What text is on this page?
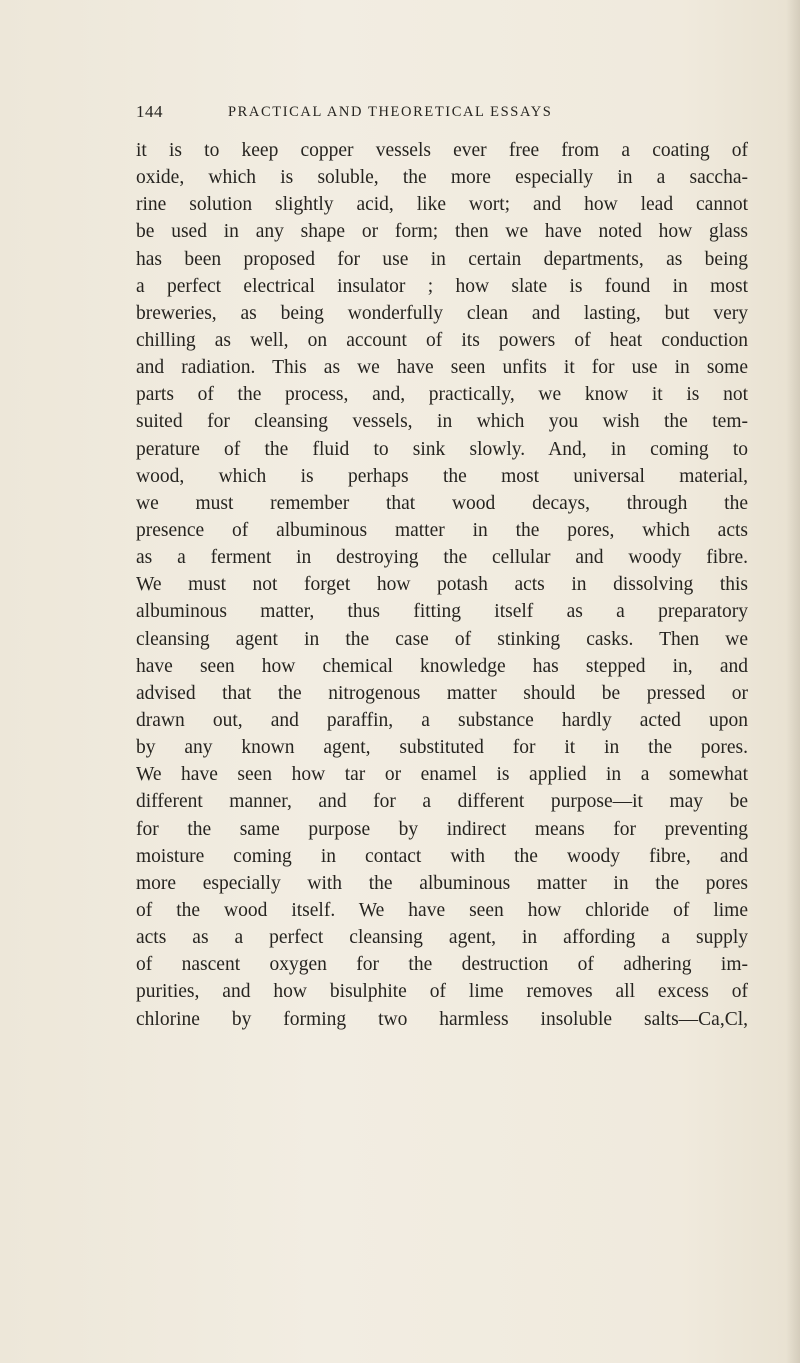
144	PRACTICAL AND THEORETICAL ESSAYS
it is to keep copper vessels ever free from a coating of
oxide, which is soluble, the more especially in a saccha-
rine solution slightly acid, like wort; and how lead cannot
be used in any shape or form; then we have noted how glass
has been proposed for use in certain departments, as being
a perfect electrical insulator ; how slate is found in most
breweries, as being wonderfully clean and lasting, but very
chilling as well, on account of its powers of heat conduction
and radiation. This as we have seen unfits it for use in some
parts of the process, and, practically, we know it is not
suited for cleansing vessels, in which you wish the tem-
perature of the fluid to sink slowly. And, in coming to
wood, which is perhaps the most universal material,
we must remember that wood decays, through the
presence of albuminous matter in the pores, which acts
as a ferment in destroying the cellular and woody fibre.
We must not forget how potash acts in dissolving this
albuminous matter, thus fitting itself as a preparatory
cleansing agent in the case of stinking casks. Then we
have seen how chemical knowledge has stepped in, and
advised that the nitrogenous matter should be pressed or
drawn out, and paraffin, a substance hardly acted upon
by any known agent, substituted for it in the pores.
We have seen how tar or enamel is applied in a somewhat
different manner, and for a different purpose—it may be
for the same purpose by indirect means for preventing
moisture coming in contact with the woody fibre, and
more especially with the albuminous matter in the pores
of the wood itself. We have seen how chloride of lime
acts as a perfect cleansing agent, in affording a supply
of nascent oxygen for the destruction of adhering im-
purities, and how bisulphite of lime removes all excess of
chlorine by forming two harmless insoluble salts—Ca,Cl,
